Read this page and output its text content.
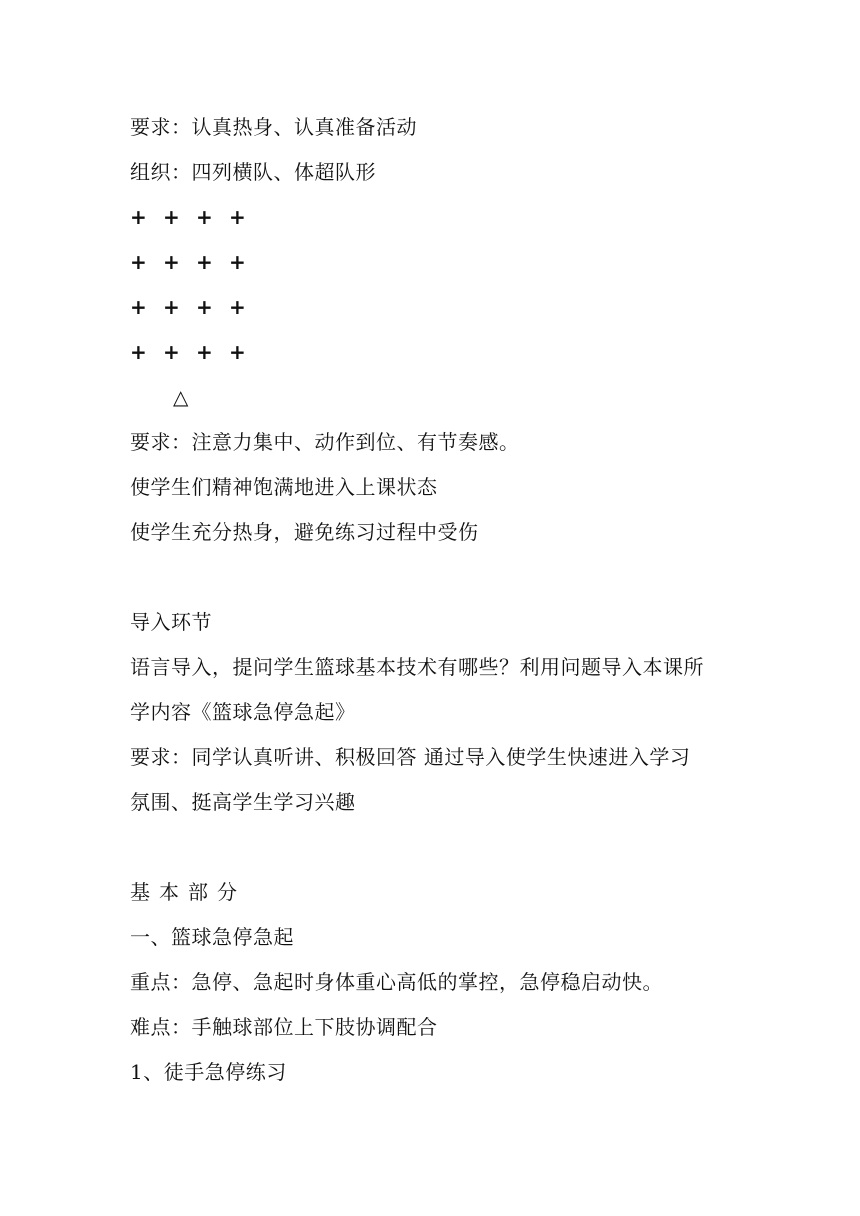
要求：认真热身、认真准备活动
组织：四列横队、体超队形
+ + + +
+ + + +
+ + + +
+ + + +
△
要求：注意力集中、动作到位、有节奏感。
使学生们精神饱满地进入上课状态
使学生充分热身，避免练习过程中受伤
导入环节
语言导入，提问学生篮球基本技术有哪些？利用问题导入本课所
学内容《篮球急停急起》
要求：同学认真听讲、积极回答 通过导入使学生快速进入学习
氛围、挺高学生学习兴趣
基本部分
一、篮球急停急起
重点：急停、急起时身体重心高低的掌控，急停稳启动快。
难点：手触球部位上下肢协调配合
1、徒手急停练习
